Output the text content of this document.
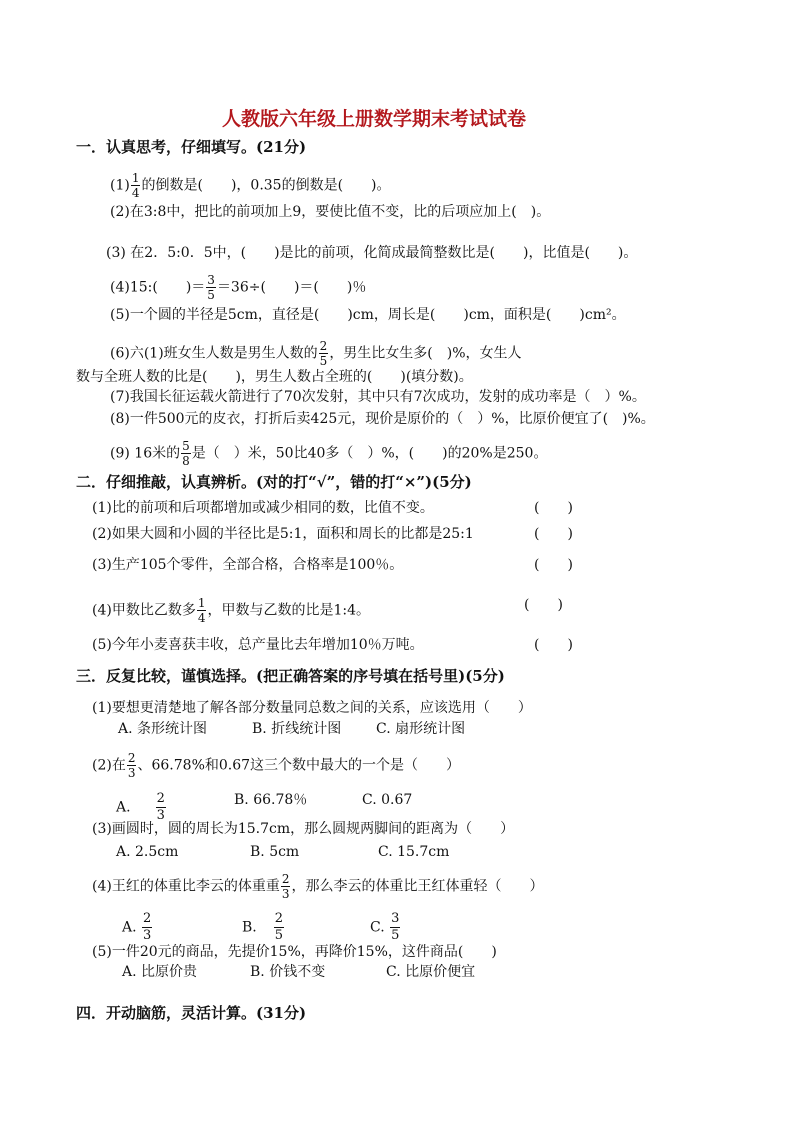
人教版六年级上册数学期末考试试卷
一．认真思考，仔细填写。(21分)
$(1) \frac{1}{4}$ 的倒数是(　　)，0.35的倒数是(　　)。
(2)在3:8中，把比的前项加上9，要使比值不变，比的后项应加上(　)。
(3) 在2．5:0．5中，(　　)是比的前项，化简成最简整数比是(　　)，比值是(　　)。
(4)15:(　　)＝ $\frac{3}{5} =36\div$(　　)＝(　　)％
(5)一个圆的半径是5cm，直径是(　　)cm，周长是(　　)cm，面积是(　　)cm²。
(6)六(1)班女生人数是男生人数的 $\frac{2}{5}$ ，男生比女生多(　)%，女生人
数与全班人数的比是(　　)，男生人数占全班的(　　)(填分数)。
(7)我国长征运载火箭进行了70次发射，其中只有7次成功，发射的成功率是（　）%。
(8)一件500元的皮衣，打折后卖425元，现价是原价的（　）%，比原价便宜了(　)%。
(9) 16米的 $\frac{5}{8}$ 是（　）米，50比40多（　）%，(　　)的20%是250。
二．仔细推敲，认真辨析。(对的打“√”，错的打“×”)(5分)
(1)比的前项和后项都增加或减少相同的数，比值不变。	(　　)
(2)如果大圆和小圆的半径比是5:1，面积和周长的比都是25:1	(　　)
(3)生产105个零件，全部合格，合格率是100％。	(　　)
(4)甲数比乙数多 $\frac{1}{4}$ ，甲数与乙数的比是1:4。	(　　)
(5)今年小麦喜获丰收，总产量比去年增加10％万吨。	(　　)
三．反复比较，谨慎选择。(把正确答案的序号填在括号里)(5分)
(1)要想更清楚地了解各部分数量同总数之间的关系，应该选用（　　）
A. 条形统计图	B. 折线统计图 C. 扇形统计图
(2)在 $\frac{2}{3}$ 、66.78%和0.67这三个数中最大的一个是（　　）
A. $\frac{2}{3}$	B. 66.78％	C. 0.67
(3)画圆时，圆的周长为15.7cm，那么圆规两脚间的距离为（　　）
A. 2.5cm	B. 5cm	C. 15.7cm
(4)王红的体重比李云的体重重 $\frac{2}{3}$ ，那么李云的体重比王红体重轻（　　）
A. $\frac{2}{3}$	B. $\frac{2}{5}$	C. $\frac{3}{5}$
(5)一件20元的商品，先提价15%，再降价15%，这件商品(　　)
A. 比原价贵	B. 价钱不变	C. 比原价便宜
四．开动脑筋，灵活计算。(31分)
